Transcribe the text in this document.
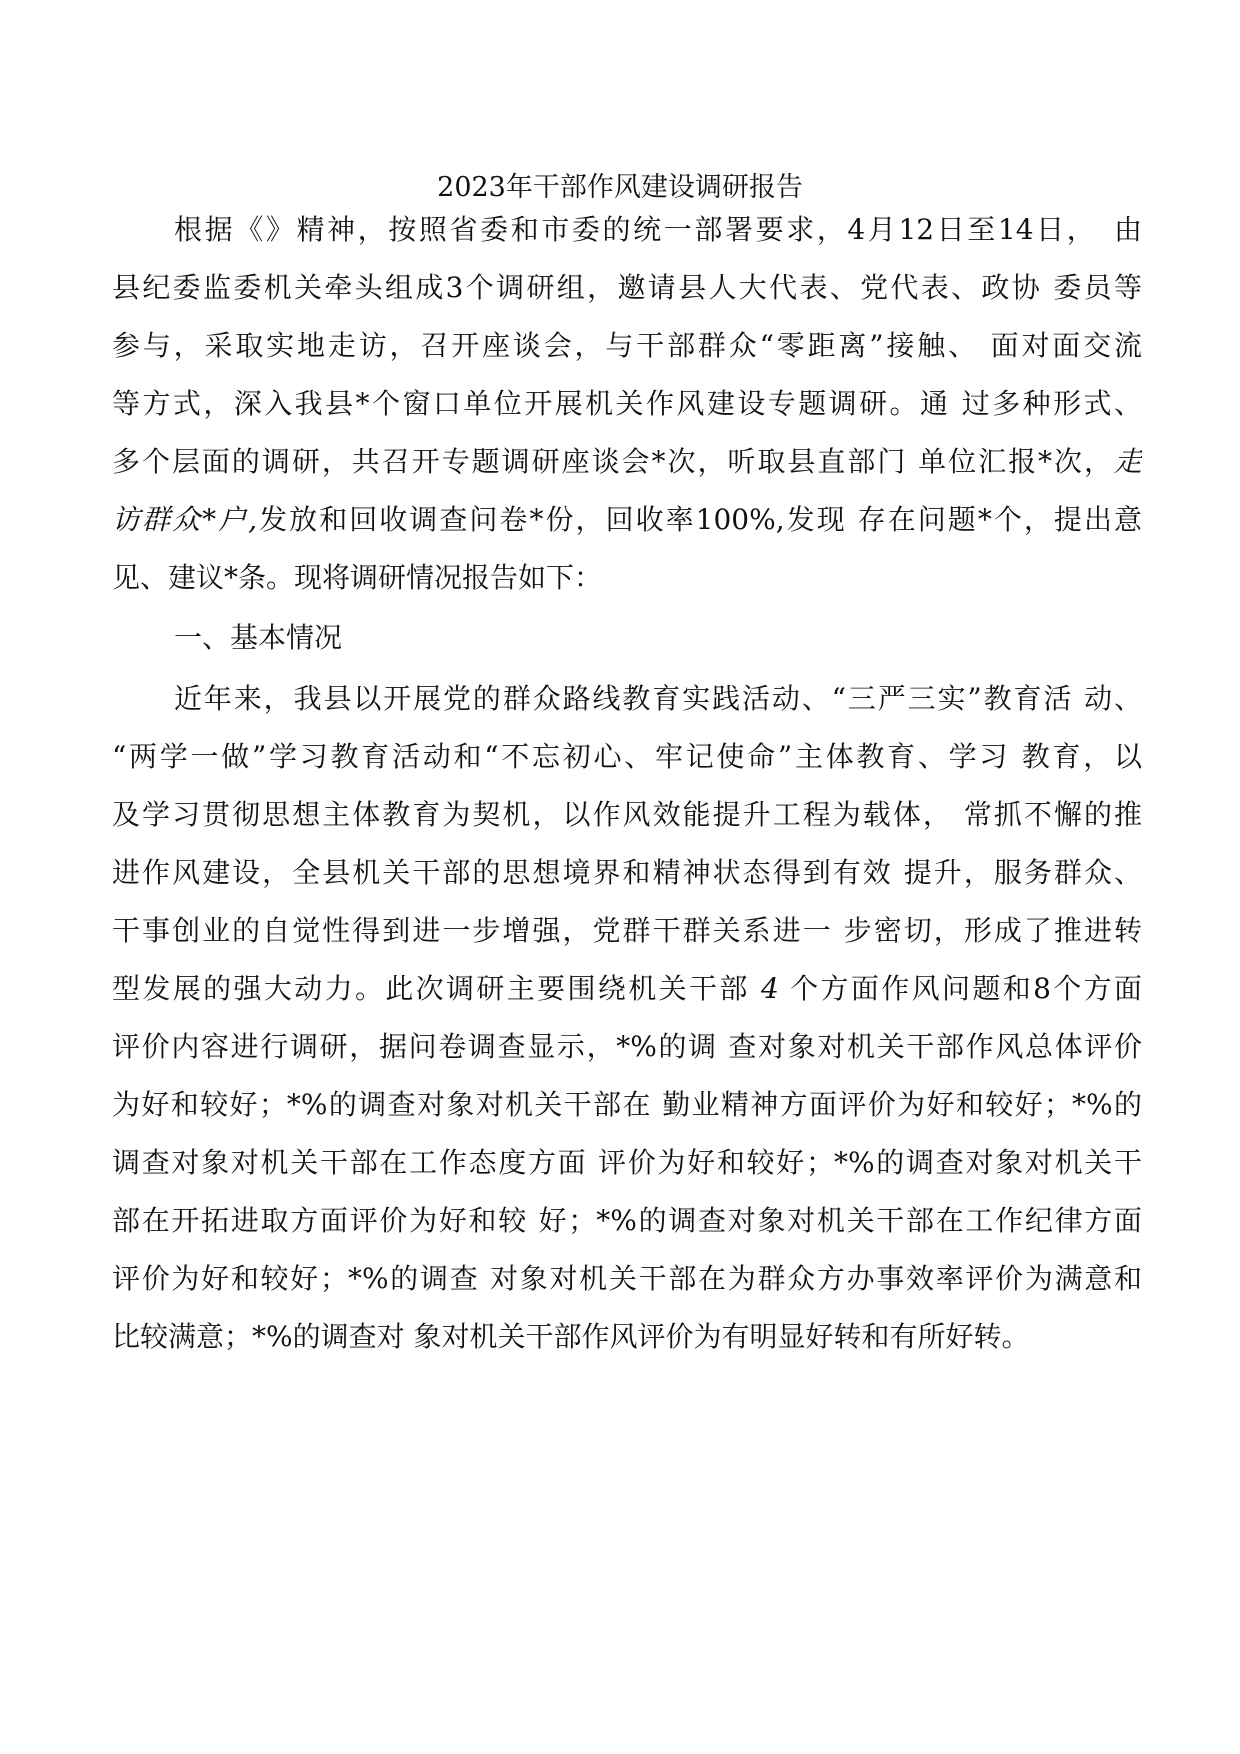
2023年干部作风建设调研报告
根据《》精神，按照省委和市委的统一部署要求，4月12日至14日，　由
县纪委监委机关牵头组成3个调研组，邀请县人大代表、党代表、政协 委员等
参与，采取实地走访，召开座谈会，与干部群众“零距离”接触、 面对面交流
等方式，深入我县*个窗口单位开展机关作风建设专题调研。通 过多种形式、
多个层面的调研，共召开专题调研座谈会*次，听取县直部门 单位汇报*次，走
访群众*户,发放和回收调查问卷*份，回收率100%,发现 存在问题*个，提出意
见、建议*条。现将调研情况报告如下：
一、基本情况
近年来，我县以开展党的群众路线教育实践活动、“三严三实”教育活 动、
“两学一做”学习教育活动和“不忘初心、牢记使命”主体教育、学习 教育，以
及学习贯彻思想主体教育为契机，以作风效能提升工程为载体， 常抓不懈的推
进作风建设，全县机关干部的思想境界和精神状态得到有效 提升，服务群众、
干事创业的自觉性得到进一步增强，党群干群关系进一 步密切，形成了推进转
型发展的强大动力。此次调研主要围绕机关干部 4 个方面作风问题和8个方面
评价内容进行调研，据问卷调查显示，*%的调 查对象对机关干部作风总体评价
为好和较好；*%的调查对象对机关干部在 勤业精神方面评价为好和较好；*%的
调查对象对机关干部在工作态度方面 评价为好和较好；*%的调查对象对机关干
部在开拓进取方面评价为好和较 好；*%的调查对象对机关干部在工作纪律方面
评价为好和较好；*%的调查 对象对机关干部在为群众方办事效率评价为满意和
比较满意；*%的调查对 象对机关干部作风评价为有明显好转和有所好转。
